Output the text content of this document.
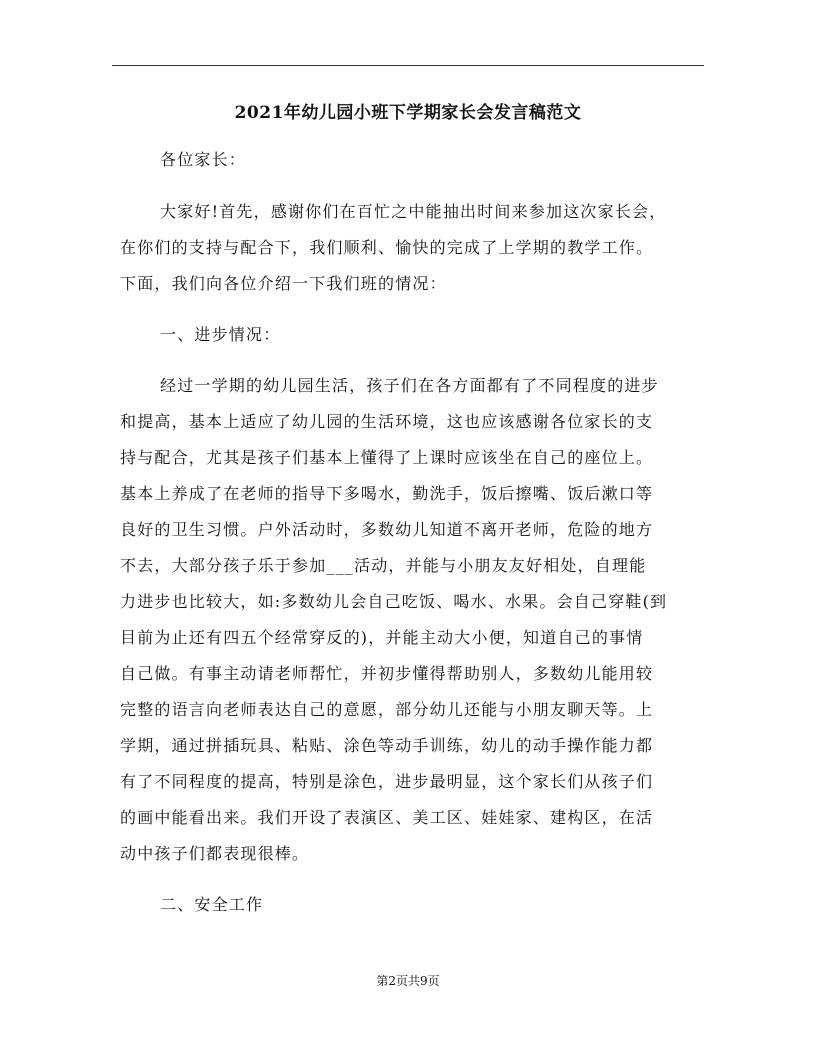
2021年幼儿园小班下学期家长会发言稿范文
各位家长：
大家好!首先，感谢你们在百忙之中能抽出时间来参加这次家长会，
在你们的支持与配合下，我们顺利、愉快的完成了上学期的教学工作。
下面，我们向各位介绍一下我们班的情况：
一、进步情况：
经过一学期的幼儿园生活，孩子们在各方面都有了不同程度的进步
和提高，基本上适应了幼儿园的生活环境，这也应该感谢各位家长的支
持与配合，尤其是孩子们基本上懂得了上课时应该坐在自己的座位上。
基本上养成了在老师的指导下多喝水，勤洗手，饭后擦嘴、饭后漱口等
良好的卫生习惯。户外活动时，多数幼儿知道不离开老师，危险的地方
不去，大部分孩子乐于参加___活动，并能与小朋友友好相处，自理能
力进步也比较大，如:多数幼儿会自己吃饭、喝水、水果。会自己穿鞋(到
目前为止还有四五个经常穿反的)，并能主动大小便，知道自己的事情
自己做。有事主动请老师帮忙，并初步懂得帮助别人，多数幼儿能用较
完整的语言向老师表达自己的意愿，部分幼儿还能与小朋友聊天等。上
学期，通过拼插玩具、粘贴、涂色等动手训练，幼儿的动手操作能力都
有了不同程度的提高，特别是涂色，进步最明显，这个家长们从孩子们
的画中能看出来。我们开设了表演区、美工区、娃娃家、建构区，在活
动中孩子们都表现很棒。
二、安全工作
第2页共9页
